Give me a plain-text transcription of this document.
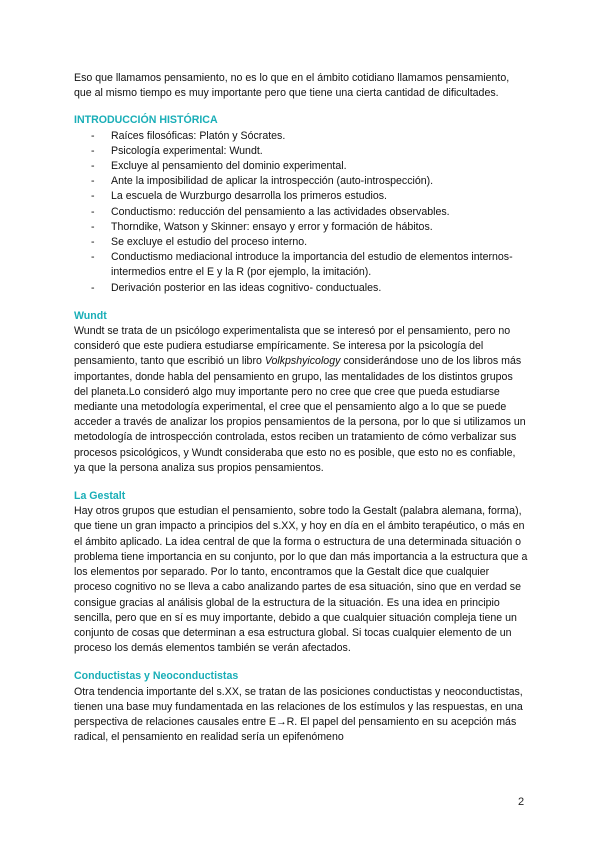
Eso que llamamos pensamiento, no es lo que en el ámbito cotidiano llamamos pensamiento, que al mismo tiempo es muy importante pero que tiene una cierta cantidad de dificultades.

INTRODUCCIÓN HISTÓRICA

- Raíces filosóficas: Platón y Sócrates.
- Psicología experimental: Wundt.
- Excluye al pensamiento del dominio experimental.
- Ante la imposibilidad de aplicar la introspección (auto-introspección).
- La escuela de Wurzburgo desarrolla los primeros estudios.
- Conductismo: reducción del pensamiento a las actividades observables.
- Thorndike, Watson y Skinner: ensayo y error y formación de hábitos.
- Se excluye el estudio del proceso interno.
- Conductismo mediacional introduce la importancia del estudio de elementos internos- intermedios entre el E y la R (por ejemplo, la imitación).
- Derivación posterior en las ideas cognitivo- conductuales.

Wundt

Wundt se trata de un psicólogo experimentalista que se interesó por el pensamiento, pero no consideró que este pudiera estudiarse empíricamente. Se interesa por la psicología del pensamiento, tanto que escribió un libro Volkpshyicology considerándose uno de los libros más importantes, donde habla del pensamiento en grupo, las mentalidades de los distintos grupos del planeta.Lo consideró algo muy importante pero no cree que cree que pueda estudiarse mediante una metodología experimental, el cree que el pensamiento algo a lo que se puede acceder a través de analizar los propios pensamientos de la persona, por lo que si utilizamos un metodología de introspección controlada, estos reciben un tratamiento de cómo verbalizar sus procesos psicológicos, y Wundt consideraba que esto no es posible, que esto no es confiable, ya que la persona analiza sus propios pensamientos.

La Gestalt

Hay otros grupos que estudian el pensamiento, sobre todo la Gestalt (palabra alemana, forma), que tiene un gran impacto a principios del s.XX, y hoy en día en el ámbito terapéutico, o más en el ámbito aplicado. La idea central de que la forma o estructura de una determinada situación o problema tiene importancia en su conjunto, por lo que dan más importancia a la estructura que a los elementos por separado. Por lo tanto, encontramos que la Gestalt dice que cualquier proceso cognitivo no se lleva a cabo analizando partes de esa situación, sino que en verdad se consigue gracias al análisis global de la estructura de la situación. Es una idea en principio sencilla, pero que en sí es muy importante, debido a que cualquier situación compleja tiene un conjunto de cosas que determinan a esa estructura global. Si tocas cualquier elemento de un proceso los demás elementos también se verán afectados.

Conductistas y Neoconductistas

Otra tendencia importante del s.XX, se tratan de las posiciones conductistas y neoconductistas, tienen una base muy fundamentada en las relaciones de los estímulos y las respuestas, en una perspectiva de relaciones causales entre E→R. El papel del pensamiento en su acepción más radical, el pensamiento en realidad sería un epifenómeno

2
